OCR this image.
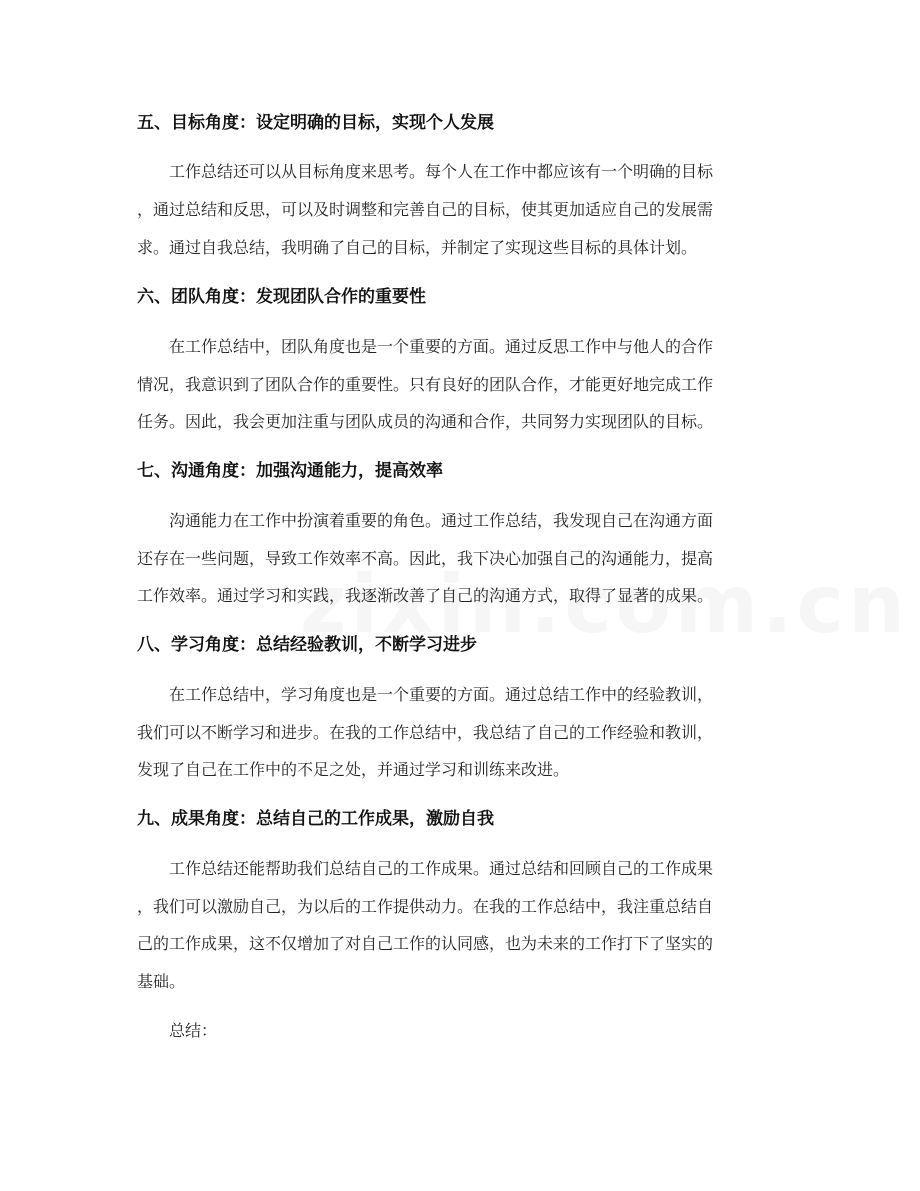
五、目标角度：设定明确的目标，实现个人发展
　　工作总结还可以从目标角度来思考。每个人在工作中都应该有一个明确的目标
，通过总结和反思，可以及时调整和完善自己的目标，使其更加适应自己的发展需
求。通过自我总结，我明确了自己的目标，并制定了实现这些目标的具体计划。
六、团队角度：发现团队合作的重要性
　　在工作总结中，团队角度也是一个重要的方面。通过反思工作中与他人的合作
情况，我意识到了团队合作的重要性。只有良好的团队合作，才能更好地完成工作
任务。因此，我会更加注重与团队成员的沟通和合作，共同努力实现团队的目标。
七、沟通角度：加强沟通能力，提高效率
　　沟通能力在工作中扮演着重要的角色。通过工作总结，我发现自己在沟通方面
还存在一些问题，导致工作效率不高。因此，我下决心加强自己的沟通能力，提高
工作效率。通过学习和实践，我逐渐改善了自己的沟通方式，取得了显著的成果。
八、学习角度：总结经验教训，不断学习进步
　　在工作总结中，学习角度也是一个重要的方面。通过总结工作中的经验教训，
我们可以不断学习和进步。在我的工作总结中，我总结了自己的工作经验和教训，
发现了自己在工作中的不足之处，并通过学习和训练来改进。
九、成果角度：总结自己的工作成果，激励自我
　　工作总结还能帮助我们总结自己的工作成果。通过总结和回顾自己的工作成果
，我们可以激励自己，为以后的工作提供动力。在我的工作总结中，我注重总结自
己的工作成果，这不仅增加了对自己工作的认同感，也为未来的工作打下了坚实的
基础。
　　总结：
